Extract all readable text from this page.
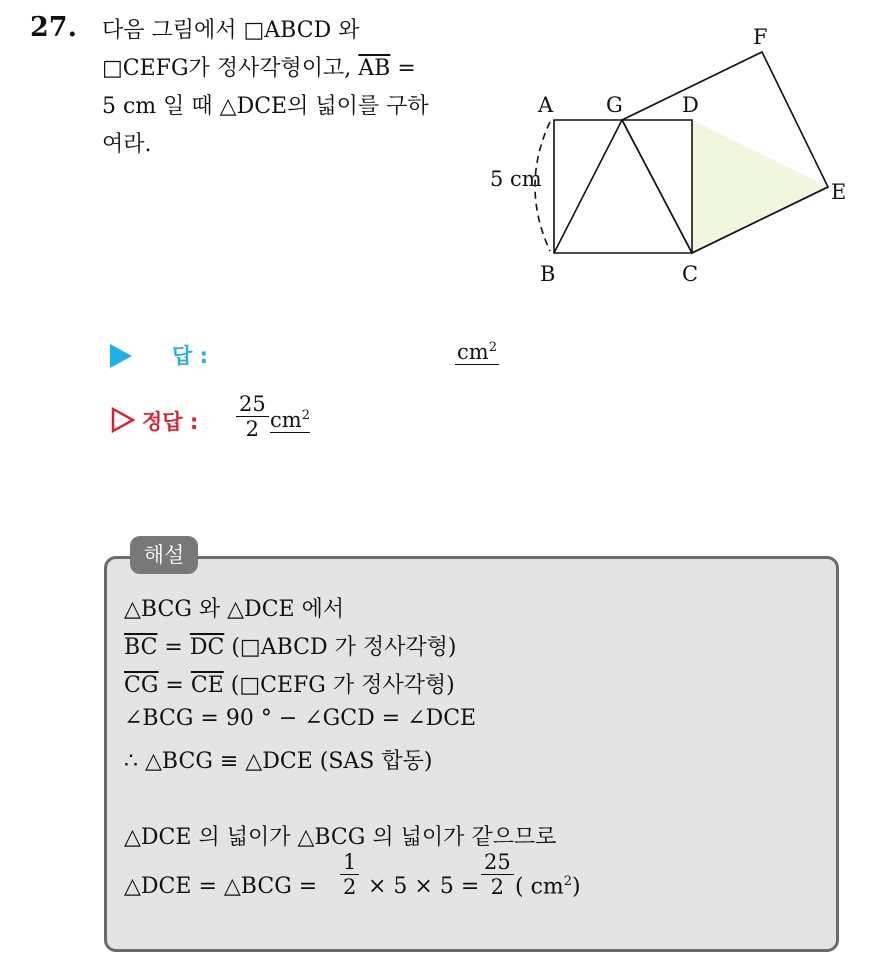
27. 다음 그림에서 □ABCD 와
□CEFG가 정사각형이고, $\overline{AB}$ =
5 cm 일 때 △DCE의 넓이를 구하
여라.
A	G	D
F
E
B	C
5 cm
답 :	$cm^2$
정답 : $\frac{25}{2} cm^2$
해설
△BCG 와 △DCE 에서
$\overline{BC} = \overline{DC}$ (□ABCD 가 정사각형)
$\overline{CG} = \overline{CE}$ (□CEFG 가 정사각형)
∠BCG = 90 ° − ∠GCD = ∠DCE
∴ △BCG ≡ △DCE (SAS 합동)
△DCE 의 넓이가 △BCG 의 넓이가 같으므로
△DCE = △BCG =	$\frac{1}{2} \times 5 \times 5 = \frac{25}{2}$ ( $cm^2$)
